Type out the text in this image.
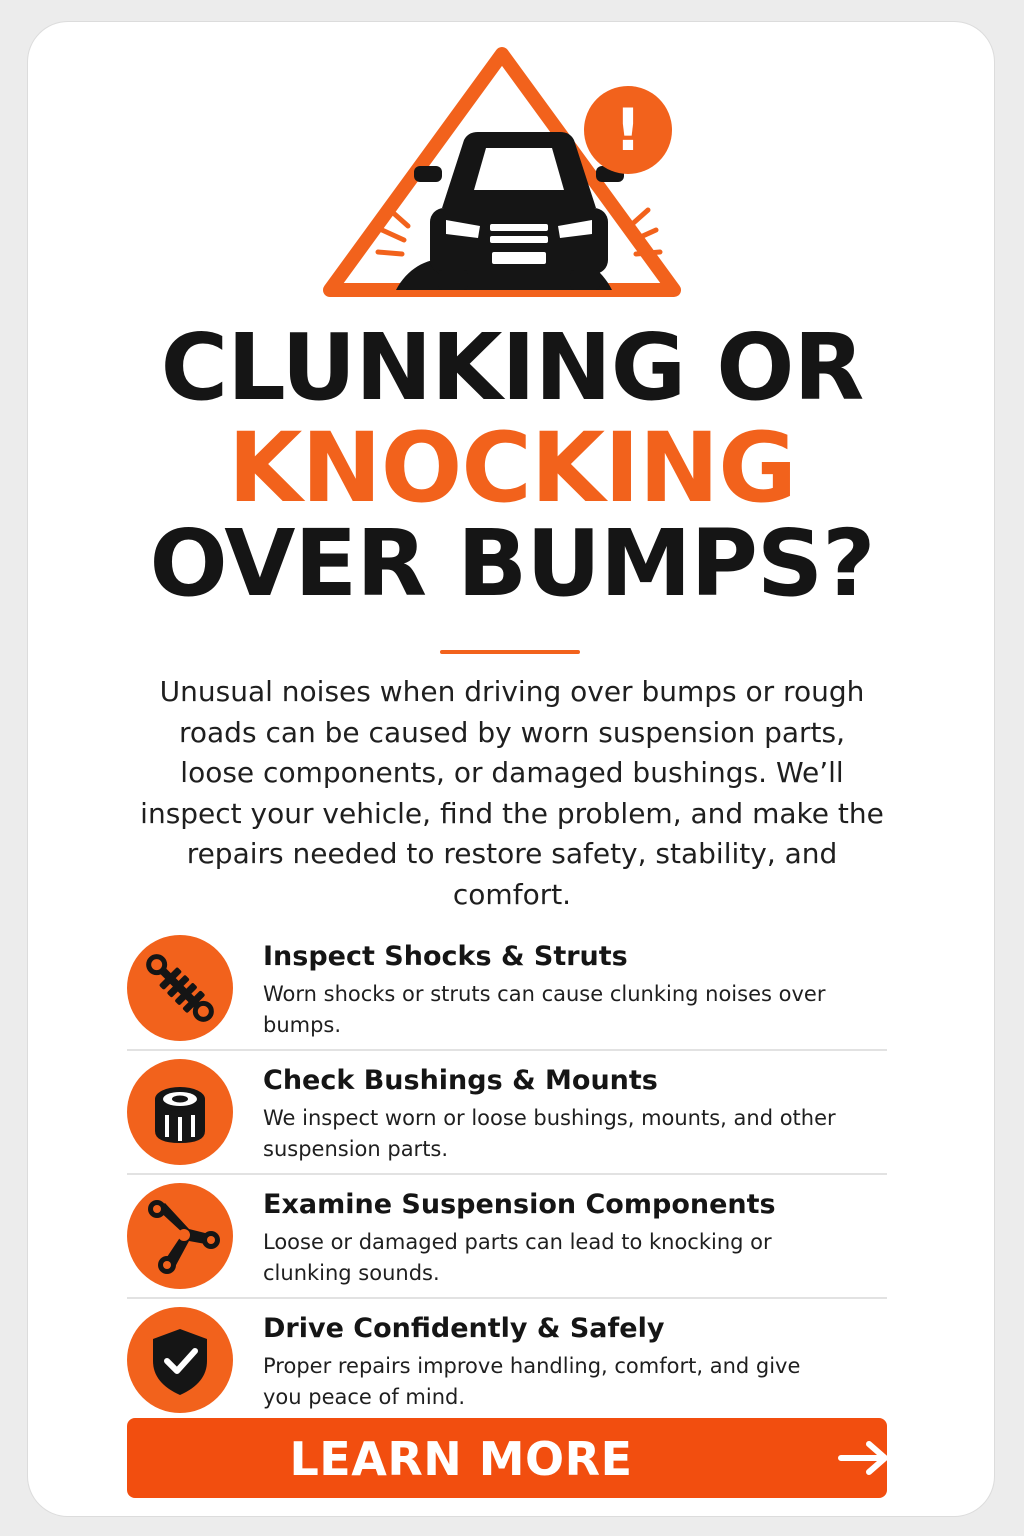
!
CLUNKING OR
KNOCKING
OVER BUMPS?
Unusual noises when driving over bumps or rough roads can be caused by worn suspension parts, loose components, or damaged bushings. We’ll inspect your vehicle, find the problem, and make the repairs needed to restore safety, stability, and comfort.
Inspect Shocks & Struts
Worn shocks or struts can cause clunking noises over bumps.
Check Bushings & Mounts
We inspect worn or loose bushings, mounts, and other suspension parts.
Examine Suspension Components
Loose or damaged parts can lead to knocking or clunking sounds.
Drive Confidently & Safely
Proper repairs improve handling, comfort, and give you peace of mind.
LEARN MORE
